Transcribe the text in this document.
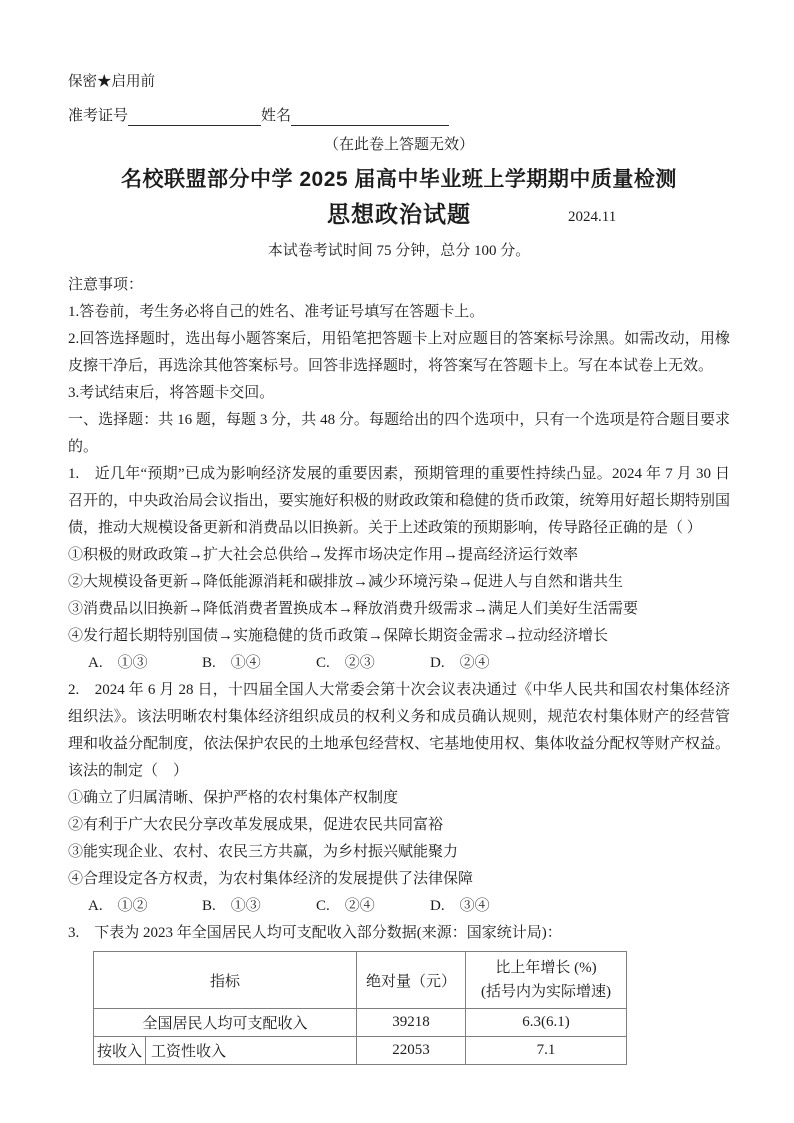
保密★启用前
准考证号	姓名
（在此卷上答题无效）
名校联盟部分中学 2025 届高中毕业班上学期期中质量检测
思想政治试题	2024.11
本试卷考试时间 75 分钟，总分 100 分。

注意事项：

1.答卷前，考生务必将自己的姓名、准考证号填写在答题卡上。

2.回答选择题时，选出每小题答案后，用铅笔把答题卡上对应题目的答案标号涂黑。如需改动，用橡皮擦干净后，再选涂其他答案标号。回答非选择题时，将答案写在答题卡上。写在本试卷上无效。

3.考试结束后，将答题卡交回。

一、选择题：共 16 题，每题 3 分，共 48 分。每题给出的四个选项中，只有一个选项是符合题目要求的。

1.　近几年“预期”已成为影响经济发展的重要因素，预期管理的重要性持续凸显。2024 年 7 月 30 日召开的，中央政治局会议指出，要实施好积极的财政政策和稳健的货币政策，统筹用好超长期特别国债，推动大规模设备更新和消费品以旧换新。关于上述政策的预期影响，传导路径正确的是（ ）

①积极的财政政策→扩大社会总供给→发挥市场决定作用→提高经济运行效率

②大规模设备更新→降低能源消耗和碳排放→减少环境污染→促进人与自然和谐共生

③消费品以旧换新→降低消费者置换成本→释放消费升级需求→满足人们美好生活需要

④发行超长期特别国债→实施稳健的货币政策→保障长期资金需求→拉动经济增长

A.　①③	B.　①④	C.　②③	D.　②④

2.　2024 年 6 月 28 日，十四届全国人大常委会第十次会议表决通过《中华人民共和国农村集体经济组织法》。该法明晰农村集体经济组织成员的权利义务和成员确认规则，规范农村集体财产的经营管理和收益分配制度，依法保护农民的土地承包经营权、宅基地使用权、集体收益分配权等财产权益。该法的制定（　）

①确立了归属清晰、保护严格的农村集体产权制度

②有利于广大农民分享改革发展成果，促进农民共同富裕

③能实现企业、农村、农民三方共赢，为乡村振兴赋能聚力

④合理设定各方权责，为农村集体经济的发展提供了法律保障

A.　①②	B.　①③	C.　②④	D.　③④

3.　下表为 2023 年全国居民人均可支配收入部分数据(来源：国家统计局)：

指标		绝对量（元）	比上年增长 (%)
(括号内为实际增速)

全国居民人均可支配收入		39218	6.3(6.1)
按收入	工资性收入	22053	7.1
